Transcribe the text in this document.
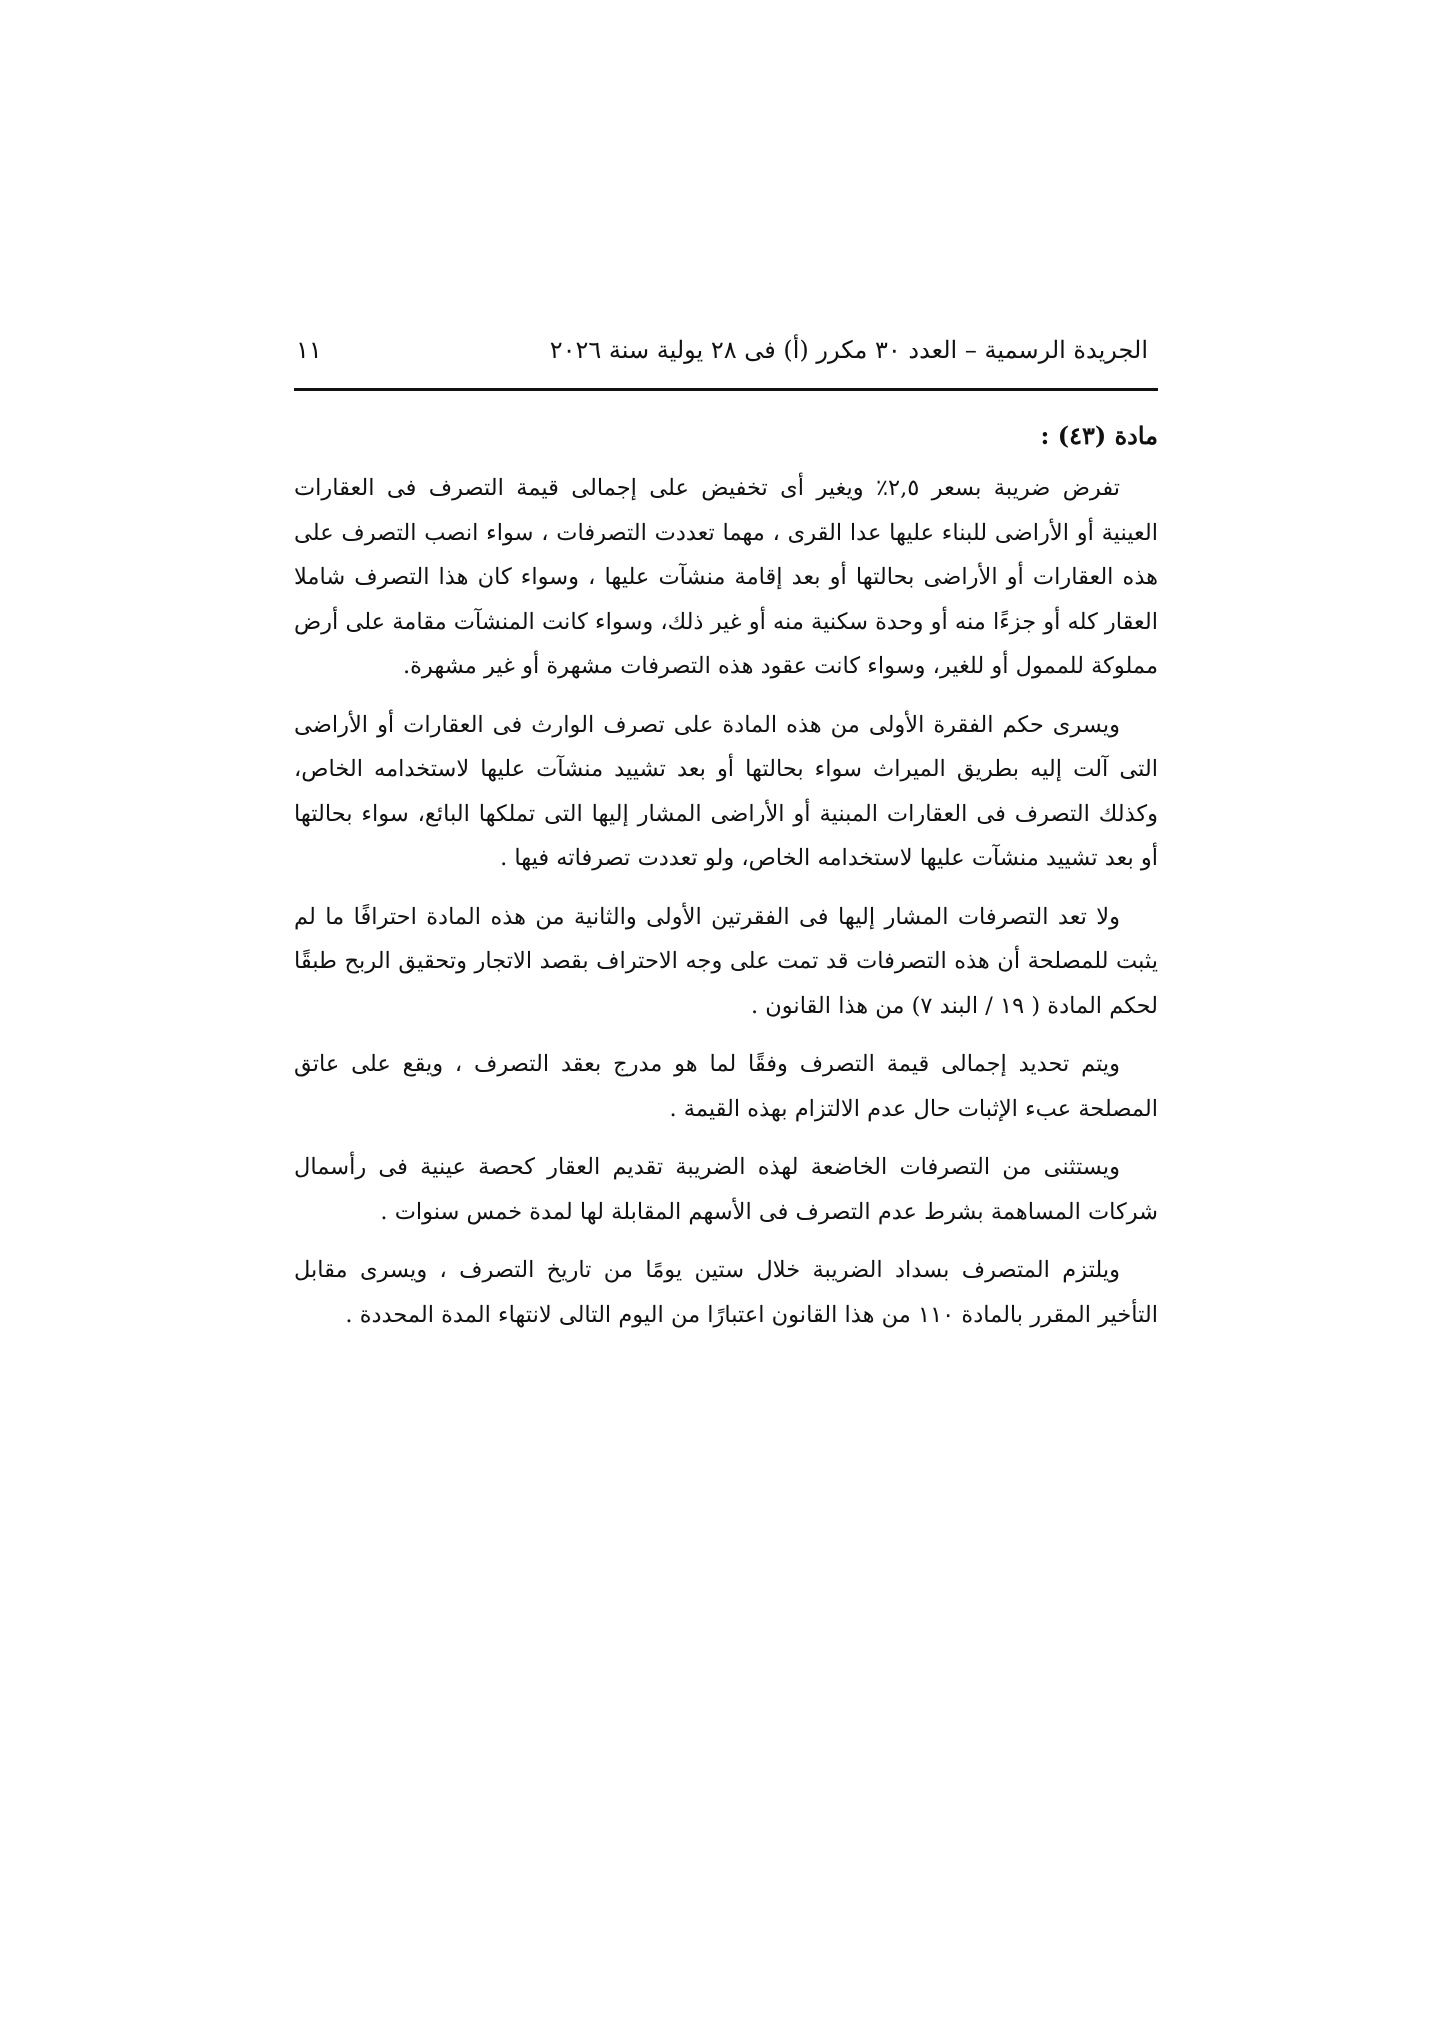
الجريدة الرسمية – العدد ٣٠ مكرر (أ) فى ٢٨ يولية سنة ٢٠٢٦
١١
مادة (٤٣) :

تفرض ضريبة بسعر ٢,٥٪ ويغير أى تخفيض على إجمالى قيمة التصرف فى العقارات العينية أو الأراضى للبناء عليها عدا القرى ، مهما تعددت التصرفات ، سواء انصب التصرف على هذه العقارات أو الأراضى بحالتها أو بعد إقامة منشآت عليها ، وسواء كان هذا التصرف شاملا العقار كله أو جزءًا منه أو وحدة سكنية منه أو غير ذلك، وسواء كانت المنشآت مقامة على أرض مملوكة للممول أو للغير، وسواء كانت عقود هذه التصرفات مشهرة أو غير مشهرة.

ويسرى حكم الفقرة الأولى من هذه المادة على تصرف الوارث فى العقارات أو الأراضى التى آلت إليه بطريق الميراث سواء بحالتها أو بعد تشييد منشآت عليها لاستخدامه الخاص، وكذلك التصرف فى العقارات المبنية أو الأراضى المشار إليها التى تملكها البائع، سواء بحالتها أو بعد تشييد منشآت عليها لاستخدامه الخاص، ولو تعددت تصرفاته فيها .

ولا تعد التصرفات المشار إليها فى الفقرتين الأولى والثانية من هذه المادة احترافًا ما لم يثبت للمصلحة أن هذه التصرفات قد تمت على وجه الاحتراف بقصد الاتجار وتحقيق الربح طبقًا لحكم المادة ( ١٩ / البند ٧) من هذا القانون .

ويتم تحديد إجمالى قيمة التصرف وفقًا لما هو مدرج بعقد التصرف ، ويقع على عاتق المصلحة عبء الإثبات حال عدم الالتزام بهذه القيمة .

ويستثنى من التصرفات الخاضعة لهذه الضريبة تقديم العقار كحصة عينية فى رأسمال شركات المساهمة بشرط عدم التصرف فى الأسهم المقابلة لها لمدة خمس سنوات .

ويلتزم المتصرف بسداد الضريبة خلال ستين يومًا من تاريخ التصرف ، ويسرى مقابل التأخير المقرر بالمادة ١١٠ من هذا القانون اعتبارًا من اليوم التالى لانتهاء المدة المحددة .
